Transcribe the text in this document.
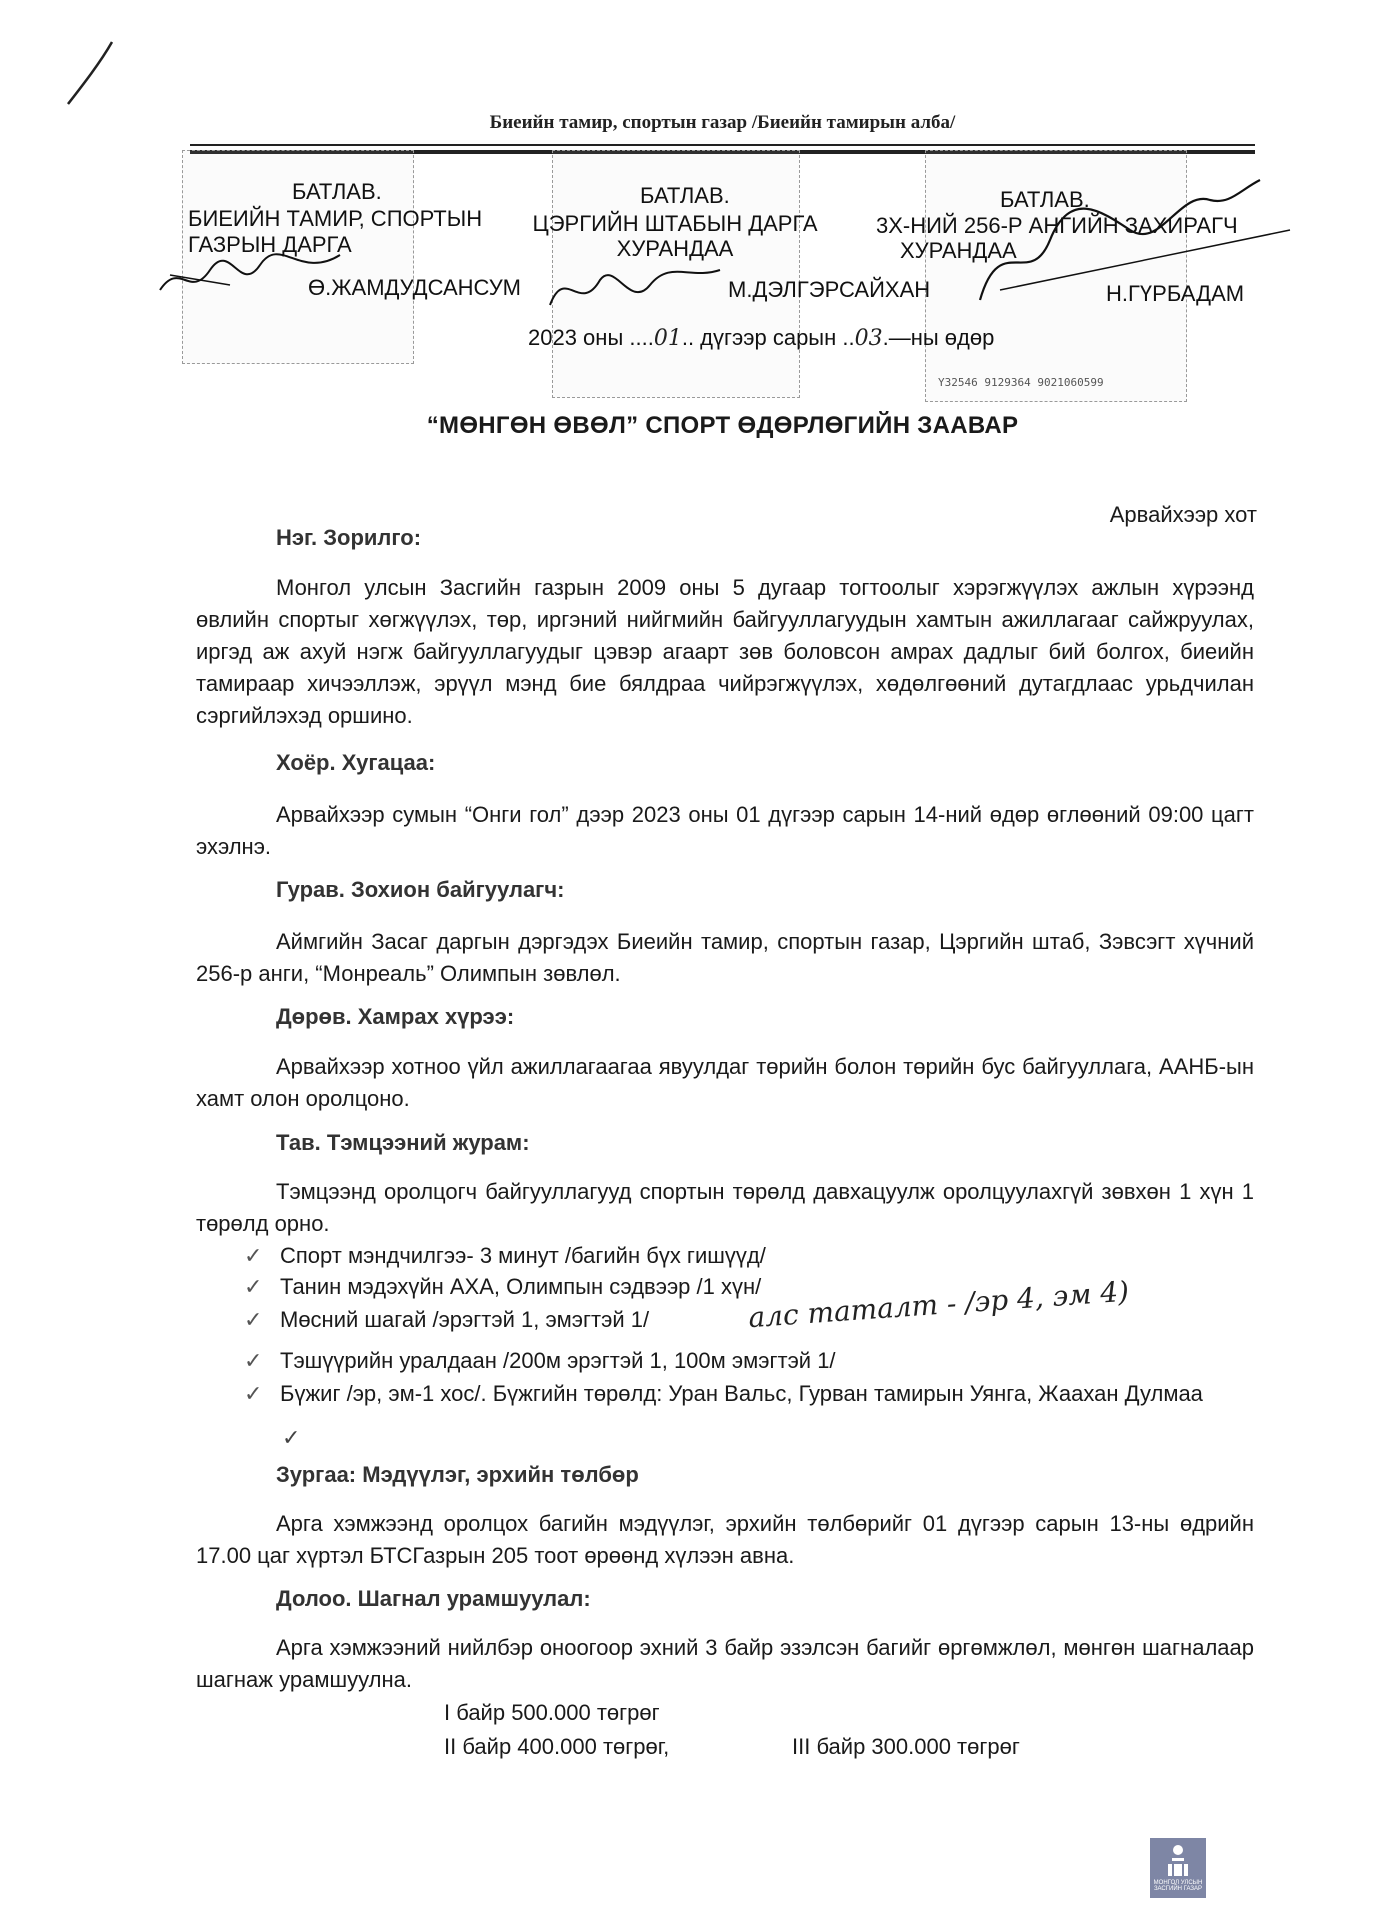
Биеийн тамир, спортын газар /Биеийн тамирын алба/
Y32546 9129364 9021060599
БАТЛАВ.
БИЕИЙН ТАМИР, СПОРТЫН
ГАЗРЫН ДАРГА
Ө.ЖАМДУДСАНСУМ
БАТЛАВ.
ЦЭРГИЙН ШТАБЫН ДАРГА
ХУРАНДАА
М.ДЭЛГЭРСАЙХАН
БАТЛАВ.
3Х-НИЙ 256-Р АНГИЙН ЗАХИРАГЧ
ХУРАНДАА
Н.ГҮРБАДАМ
2023 оны ....01.. дүгээр сарын ..03.—ны өдөр
“МӨНГӨН ӨВӨЛ” СПОРТ ӨДӨРЛӨГИЙН ЗААВАР
Арвайхээр хот
Нэг. Зорилго:
Монгол улсын Засгийн газрын 2009 оны 5 дугаар тогтоолыг хэрэгжүүлэх ажлын хүрээнд өвлийн спортыг хөгжүүлэх, төр, иргэний нийгмийн байгууллагуудын хамтын ажиллагааг сайжруулах, иргэд аж ахуй нэгж байгууллагуудыг цэвэр агаарт зөв боловсон амрах дадлыг бий болгох, биеийн тамираар хичээллэж, эрүүл мэнд бие бялдраа чийрэгжүүлэх, хөдөлгөөний дутагдлаас урьдчилан сэргийлэхэд оршино.
Хоёр. Хугацаа:
Арвайхээр сумын “Онги гол” дээр 2023 оны 01 дүгээр сарын 14-ний өдөр өглөөний 09:00 цагт эхэлнэ.
Гурав. Зохион байгуулагч:
Аймгийн Засаг даргын дэргэдэх Биеийн тамир, спортын газар, Цэргийн штаб, Зэвсэгт хүчний 256-р анги, “Монреаль” Олимпын зөвлөл.
Дөрөв. Хамрах хүрээ:
Арвайхээр хотноо үйл ажиллагаагаа явуулдаг төрийн болон төрийн бус байгууллага, ААНБ-ын хамт олон оролцоно.
Тав. Тэмцээний журам:
Тэмцээнд оролцогч байгууллагууд спортын төрөлд давхацуулж оролцуулахгүй зөвхөн 1 хүн 1 төрөлд орно.
✓ Спорт мэндчилгээ- 3 минут /багийн бүх гишүүд/
✓ Танин мэдэхүйн АХА, Олимпын сэдвээр /1 хүн/
✓ Мөсний шагай /эрэгтэй 1, эмэгтэй 1/
✓ Тэшүүрийн уралдаан /200м эрэгтэй 1, 100м эмэгтэй 1/
✓ Бүжиг /эр, эм-1 хос/. Бүжгийн төрөлд: Уран Вальс, Гурван тамирын Уянга, Жаахан Дулмаа
✓
алс таталт - /эр 4, эм 4)
Зургаа: Мэдүүлэг, эрхийн төлбөр
Арга хэмжээнд оролцох багийн мэдүүлэг, эрхийн төлбөрийг 01 дүгээр сарын 13-ны өдрийн 17.00 цаг хүртэл БТСГазрын 205 тоот өрөөнд хүлээн авна.
Долоо. Шагнал урамшуулал:
Арга хэмжээний нийлбэр оноогоор эхний 3 байр эзэлсэн багийг өргөмжлөл, мөнгөн шагналаар шагнаж урамшуулна.
I байр 500.000 төгрөг
II байр 400.000 төгрөг,	III байр 300.000 төгрөг
МОНГОЛ УЛСЫН ЗАСГИЙН ГАЗАР
